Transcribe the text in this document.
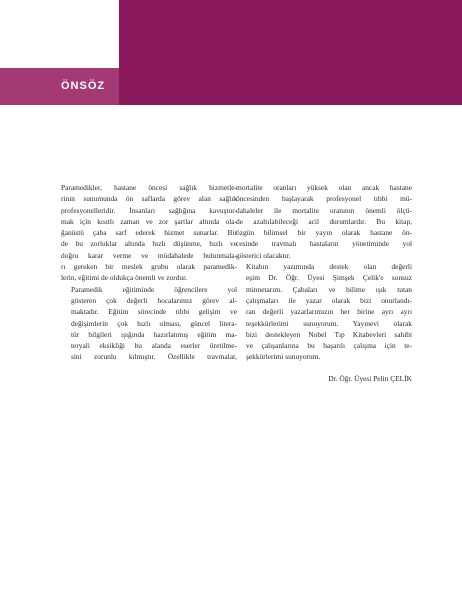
ÖNSÖZ

Paramedikler, hastane öncesi sağlık hizmetle-
rinin sunumunda ön saflarda görev alan sağlık
profesyonelleridir. İnsanları sağlığına kavuştur-
mak için kısıtlı zaman ve zor şartlar altında ola-
ğanüstü çaba sarf ederek hizmet sunarlar. Bir
de bu zorluklar altında hızlı düşünme, hızlı ve
doğru karar verme ve müdahalede bulunmala-
rı gereken bir meslek grubu olarak paramedik-
lerin, eğitimi de oldukça önemli ve zordur.

Paramedik eğitiminde öğrencilere yol
gösteren çok değerli hocalarımız görev al-
maktadır. Eğitim sürecinde tıbbi gelişim ve
değişimlerin çok hızlı olması, güncel litera-
tür bilgileri ışığında hazırlanmış eğitim ma-
teryali eksikliği bu alanda eserler üretilme-
sini zorunlu kılmıştır. Özellikle travmalar,

mortalite oranları yüksek olan ancak hastane
öncesinden başlayarak profesyonel tıbbi mü-
dahaleler ile mortalite oranının önemli ölçü-
de azaltılabileceği acil durumlardır. Bu kitap,
özgün bilimsel bir yayın olarak hastane ön-
cesinde travmalı hastaların yönetiminde yol
gösterici olacaktır.

Kitabın yazımında destek olan değerli
eşim Dr. Öğr. Üyesi Şimşek Çelik'e sonsuz
minnetarım. Çabaları ve bilime ışık tutan
çalışmaları ile yazar olarak bizi onurlandı-
ran değerli yazarlarımızın her birine ayrı ayrı
teşekkürlerimi sunuyorum. Yayınevi olarak
bizi destekleyen Nobel Tıp Kitabevleri sahibi
ve çalışanlarına bu başarılı çalışma için te-
şekkürlerimi sunuyorum.

Dr. Öğr. Üyesi Pelin ÇELİK
